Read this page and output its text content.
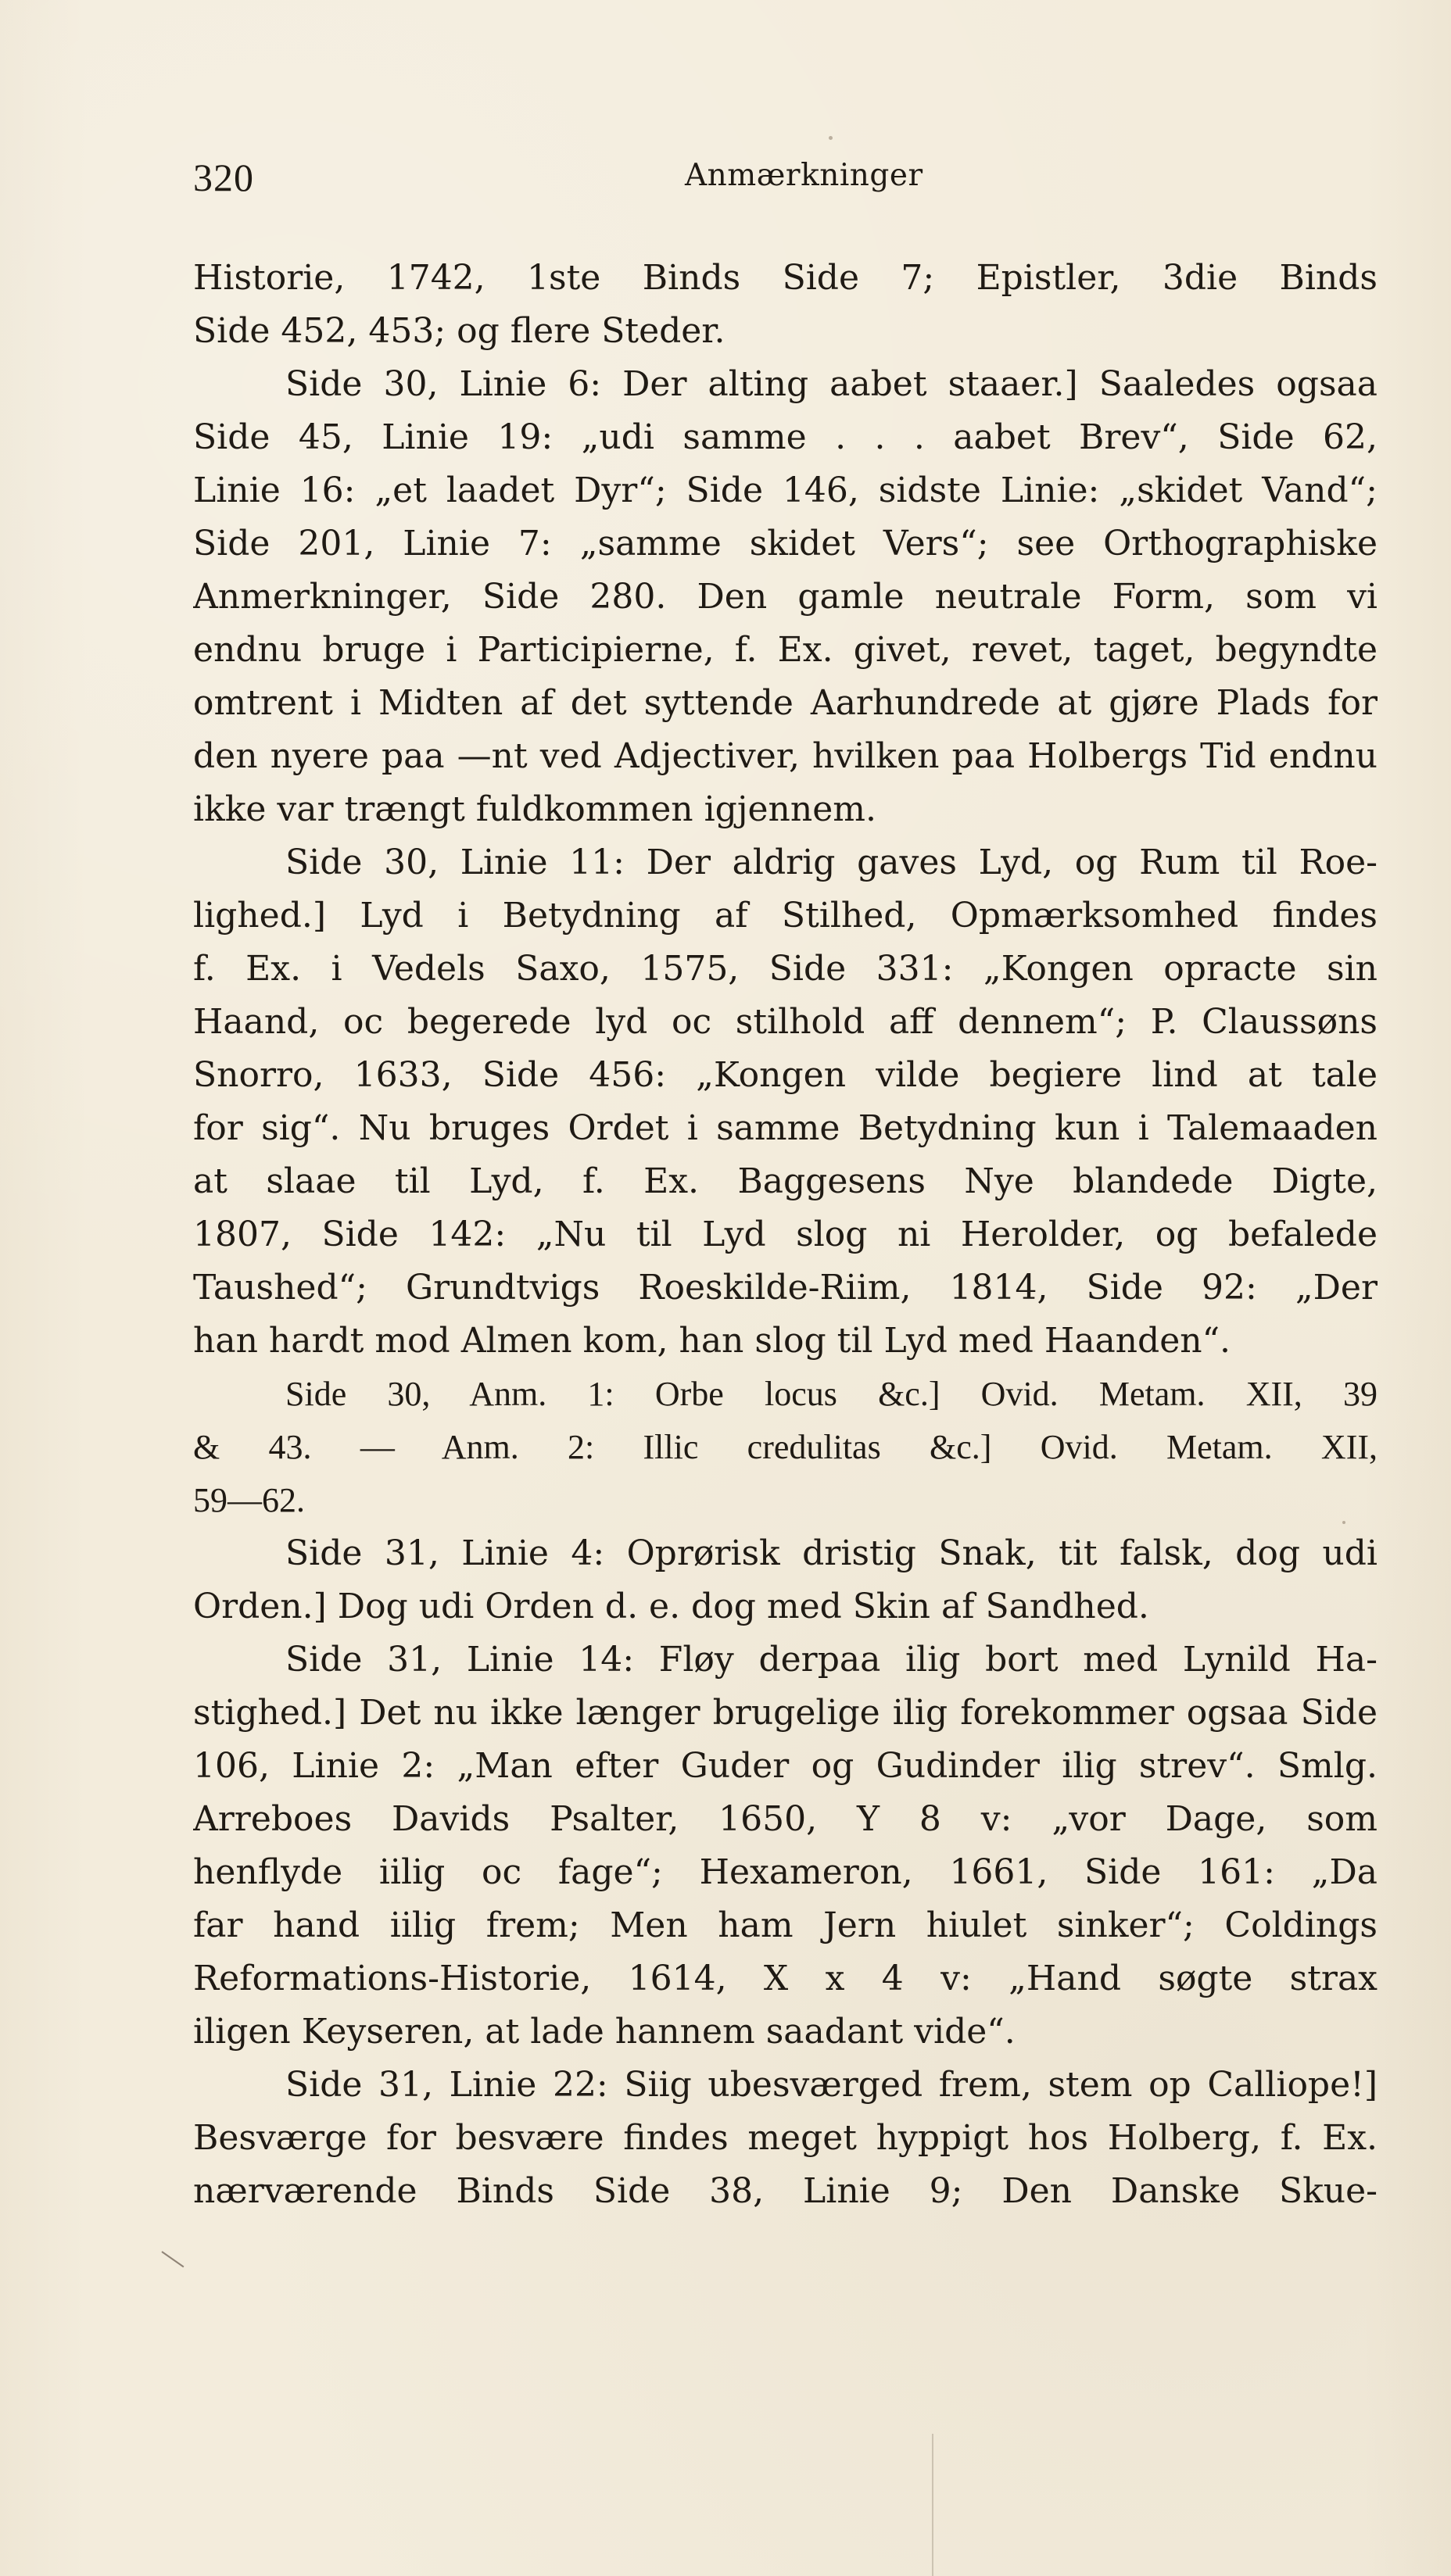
320	Anmærkninger
Historie, 1742, 1ste Binds Side 7; Epistler, 3die Binds
Side 452, 453; og flere Steder.
Side 30, Linie 6: Der alting aabet staaer.] Saaledes ogsaa
Side 45, Linie 19: „udi samme . . . aabet Brev“, Side 62,
Linie 16: „et laadet Dyr“; Side 146, sidste Linie: „skidet Vand“;
Side 201, Linie 7: „samme skidet Vers“; see Orthographiske
Anmerkninger, Side 280. Den gamle neutrale Form, som vi
endnu bruge i Participierne, f. Ex. givet, revet, taget, begyndte
omtrent i Midten af det syttende Aarhundrede at gjøre Plads for
den nyere paa —nt ved Adjectiver, hvilken paa Holbergs Tid endnu
ikke var trængt fuldkommen igjennem.
Side 30, Linie 11: Der aldrig gaves Lyd, og Rum til Roe-
lighed.] Lyd i Betydning af Stilhed, Opmærksomhed findes
f. Ex. i Vedels Saxo, 1575, Side 331: „Kongen opracte sin
Haand, oc begerede lyd oc stilhold aff dennem“; P. Claussøns
Snorro, 1633, Side 456: „Kongen vilde begiere lind at tale
for sig“. Nu bruges Ordet i samme Betydning kun i Talemaaden
at slaae til Lyd, f. Ex. Baggesens Nye blandede Digte,
1807, Side 142: „Nu til Lyd slog ni Herolder, og befalede
Taushed“; Grundtvigs Roeskilde-Riim, 1814, Side 92: „Der
han hardt mod Almen kom, han slog til Lyd med Haanden“.
Side 30, Anm. 1: Orbe locus &c.] Ovid. Metam. XII, 39
& 43. — Anm. 2: Illic credulitas &c.] Ovid. Metam. XII,
59—62.
Side 31, Linie 4: Oprørisk dristig Snak, tit falsk, dog udi
Orden.] Dog udi Orden d. e. dog med Skin af Sandhed.
Side 31, Linie 14: Fløy derpaa ilig bort med Lynild Ha-
stighed.] Det nu ikke længer brugelige ilig forekommer ogsaa Side
106, Linie 2: „Man efter Guder og Gudinder ilig strev“. Smlg.
Arreboes Davids Psalter, 1650, Y 8 v: „vor Dage, som
henflyde iilig oc fage“; Hexameron, 1661, Side 161: „Da
far hand iilig frem; Men ham Jern hiulet sinker“; Coldings
Reformations-Historie, 1614, X x 4 v: „Hand søgte strax
iligen Keyseren, at lade hannem saadant vide“.
Side 31, Linie 22: Siig ubesværged frem, stem op Calliope!]
Besværge for besvære findes meget hyppigt hos Holberg, f. Ex.
nærværende Binds Side 38, Linie 9; Den Danske Skue-
